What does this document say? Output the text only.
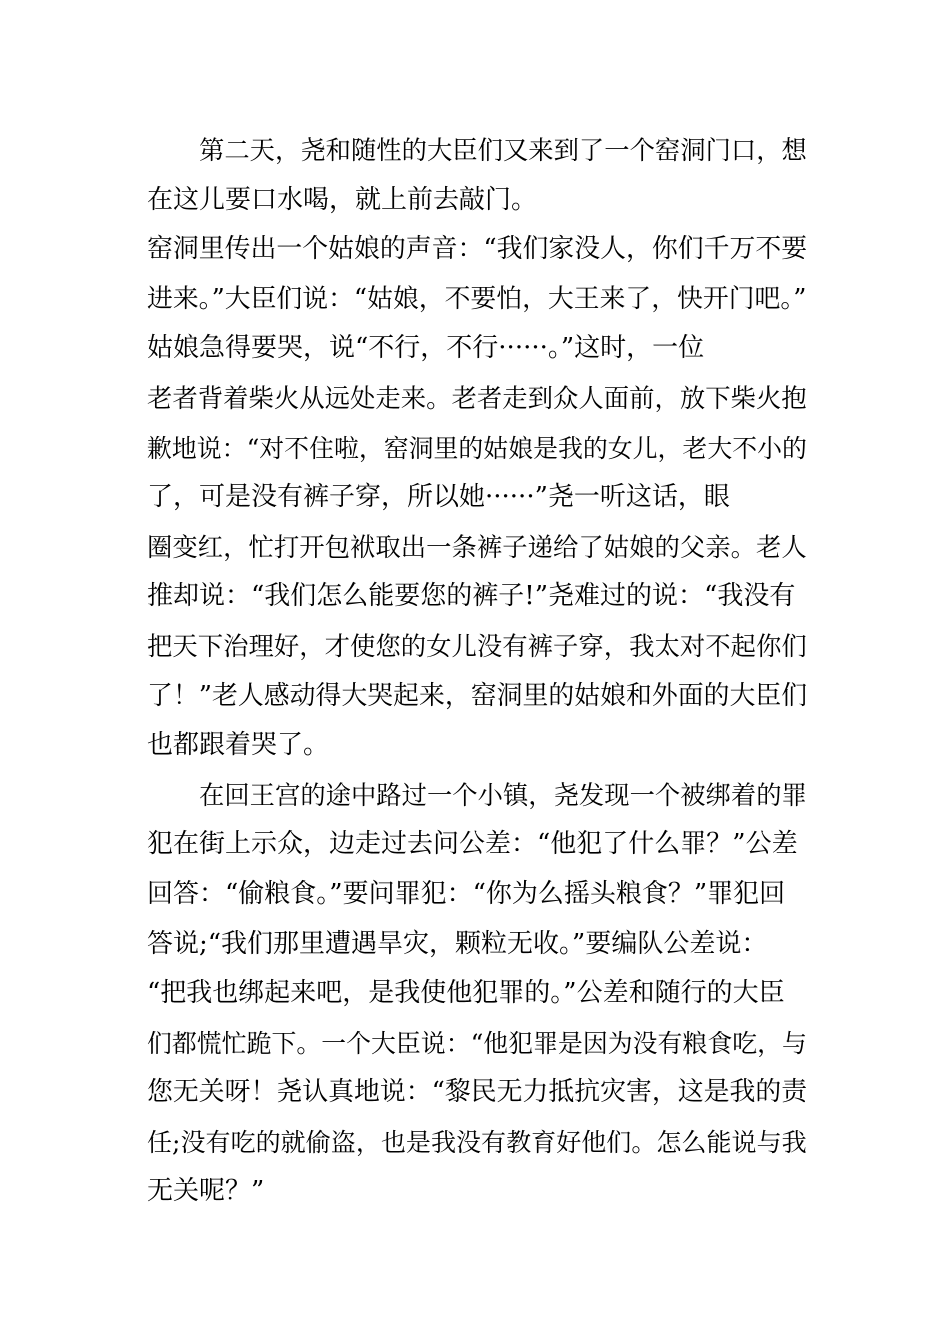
第二天，尧和随性的大臣们又来到了一个窑洞门口，想
在这儿要口水喝，就上前去敲门。
窑洞里传出一个姑娘的声音：“我们家没人，你们千万不要
进来。”大臣们说：“姑娘，不要怕，大王来了，快开门吧。”
姑娘急得要哭，说“不行，不行······。”这时，一位
老者背着柴火从远处走来。老者走到众人面前，放下柴火抱
歉地说：“对不住啦，窑洞里的姑娘是我的女儿，老大不小的
了，可是没有裤子穿，所以她······”尧一听这话，眼
圈变红，忙打开包袱取出一条裤子递给了姑娘的父亲。老人
推却说：“我们怎么能要您的裤子!”尧难过的说：“我没有
把天下治理好，才使您的女儿没有裤子穿，我太对不起你们
了！”老人感动得大哭起来，窑洞里的姑娘和外面的大臣们
也都跟着哭了。
在回王宫的途中路过一个小镇，尧发现一个被绑着的罪
犯在街上示众，边走过去问公差：“他犯了什么罪？”公差
回答：“偷粮食。”要问罪犯：“你为么摇头粮食？”罪犯回
答说;“我们那里遭遇旱灾，颗粒无收。”要编队公差说：
“把我也绑起来吧，是我使他犯罪的。”公差和随行的大臣
们都慌忙跪下。一个大臣说：“他犯罪是因为没有粮食吃，与
您无关呀！尧认真地说：“黎民无力抵抗灾害，这是我的责
任;没有吃的就偷盗，也是我没有教育好他们。怎么能说与我
无关呢？”
